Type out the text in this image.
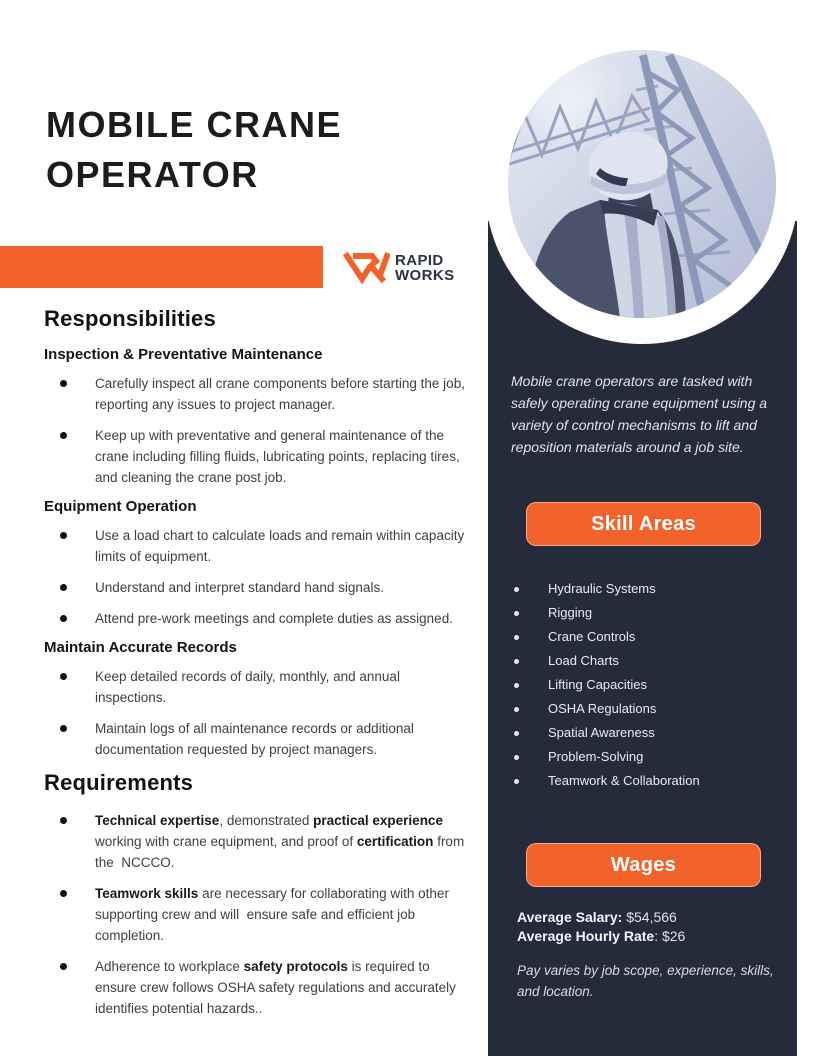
MOBILE CRANE
OPERATOR
RAPID
WORKS
Responsibilities
Inspection & Preventative Maintenance
Carefully inspect all crane components before starting the job, reporting any issues to project manager.
Keep up with preventative and general maintenance of the crane including filling fluids, lubricating points, replacing tires, and cleaning the crane post job.
Equipment Operation
Use a load chart to calculate loads and remain within capacity limits of equipment.
Understand and interpret standard hand signals.
Attend pre-work meetings and complete duties as assigned.
Maintain Accurate Records
Keep detailed records of daily, monthly, and annual inspections.
Maintain logs of all maintenance records or additional documentation requested by project managers.
Requirements
Technical expertise, demonstrated practical experience working with crane equipment, and proof of certification from the  NCCCO.
Teamwork skills are necessary for collaborating with other supporting crew and will  ensure safe and efficient job completion.
Adherence to workplace safety protocols is required to ensure crew follows OSHA safety regulations and accurately identifies potential hazards..
Mobile crane operators are tasked with safely operating crane equipment using a variety of control mechanisms to lift and reposition materials around a job site.
Skill Areas
Hydraulic Systems
Rigging
Crane Controls
Load Charts
Lifting Capacities
OSHA Regulations
Spatial Awareness
Problem-Solving
Teamwork & Collaboration
Wages
Average Salary: $54,566
Average Hourly Rate: $26
Pay varies by job scope, experience, skills, and location.
